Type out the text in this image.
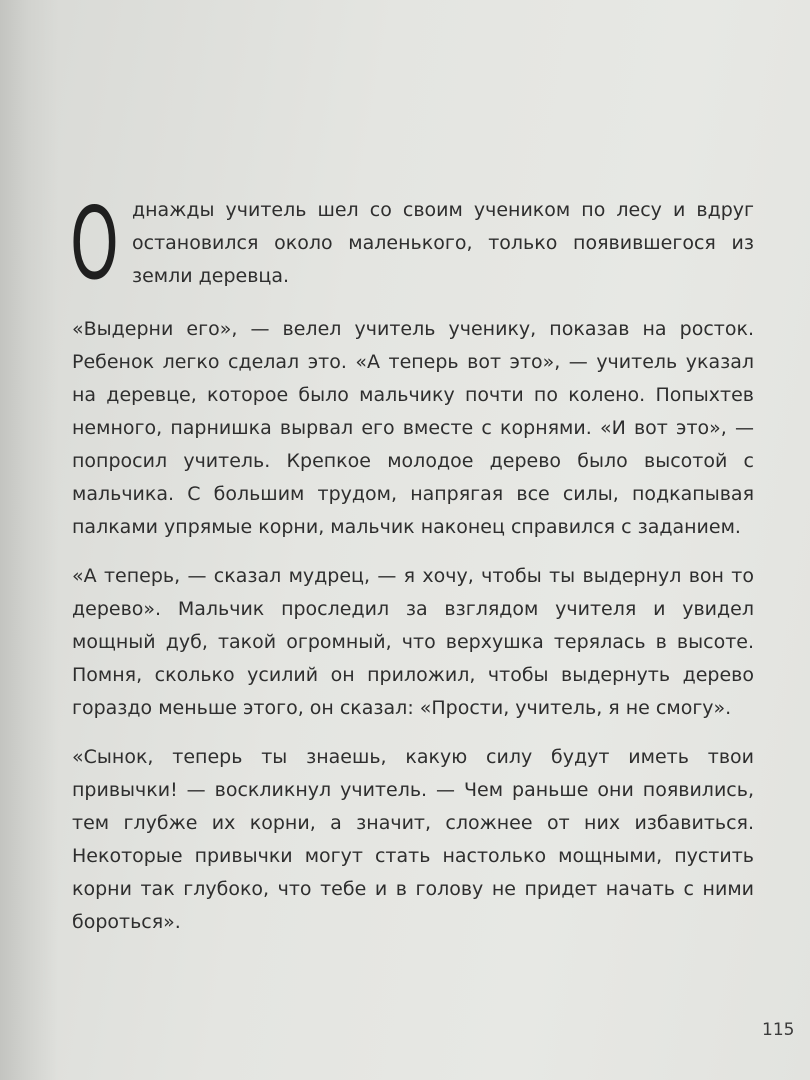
Однажды учитель шел со своим учеником по лесу и вдруг остановился около маленького, только появившегося из земли деревца.

«Выдерни его», — велел учитель ученику, показав на росток. Ребенок легко сделал это. «А теперь вот это», — учитель указал на деревце, которое было мальчику почти по колено. Попыхтев немного, парнишка вырвал его вместе с корнями. «И вот это», — попросил учитель. Крепкое молодое дерево было высотой с мальчика. С большим трудом, напрягая все силы, подкапывая палками упрямые корни, мальчик наконец справился с заданием.

«А теперь, — сказал мудрец, — я хочу, чтобы ты выдернул вон то дерево». Мальчик проследил за взглядом учителя и увидел мощный дуб, такой огромный, что верхушка терялась в высоте. Помня, сколько усилий он приложил, чтобы выдернуть дерево гораздо меньше этого, он сказал: «Прости, учитель, я не смогу».

«Сынок, теперь ты знаешь, какую силу будут иметь твои привычки! — воскликнул учитель. — Чем раньше они появились, тем глубже их корни, а значит, сложнее от них избавиться. Некоторые привычки могут стать настолько мощными, пустить корни так глубоко, что тебе и в голову не придет начать с ними бороться».

115
